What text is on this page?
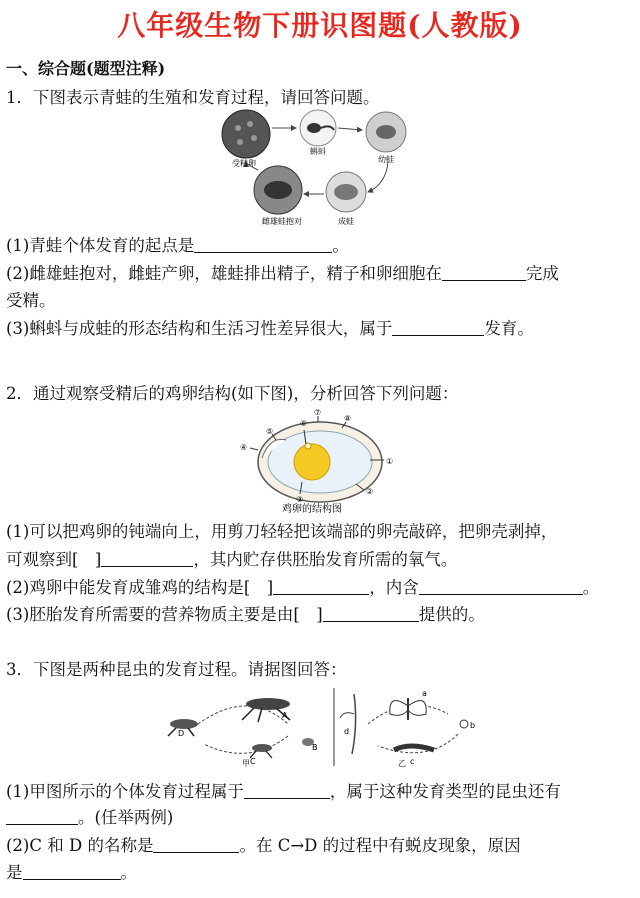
八年级生物下册识图题(人教版)
一、综合题(题型注释)
1．下图表示青蛙的生殖和发育过程，请回答问题。
受精卵
蝌蚪
幼蛙
成蛙
雌雄蛙抱对
(1)青蛙个体发育的起点是	。
(2)雌雄蛙抱对，雌蛙产卵，雄蛙排出精子，精子和卵细胞在	完成
受精。
(3)蝌蚪与成蛙的形态结构和生活习性差异很大，属于	发育。
2．通过观察受精后的鸡卵结构(如下图)，分析回答下列问题：
①
②
③
④
⑤
⑥
⑦
⑧
鸡卵的结构图
(1)可以把鸡卵的钝端向上，用剪刀轻轻把该端部的卵壳敲碎，把卵壳剥掉，
可观察到[　]	，其内贮存供胚胎发育所需的氧气。
(2)鸡卵中能发育成雏鸡的结构是[　]	，内含	。
(3)胚胎发育所需要的营养物质主要是由[　]	提供的。
3．下图是两种昆虫的发育过程。请据图回答：
A
B
C
D
甲
a
b
c
d
乙
(1)甲图所示的个体发育过程属于	，属于这种发育类型的昆虫还有
。(任举两例)
(2)C 和 D 的名称是	。在 C→D 的过程中有蜕皮现象，原因
是	。
